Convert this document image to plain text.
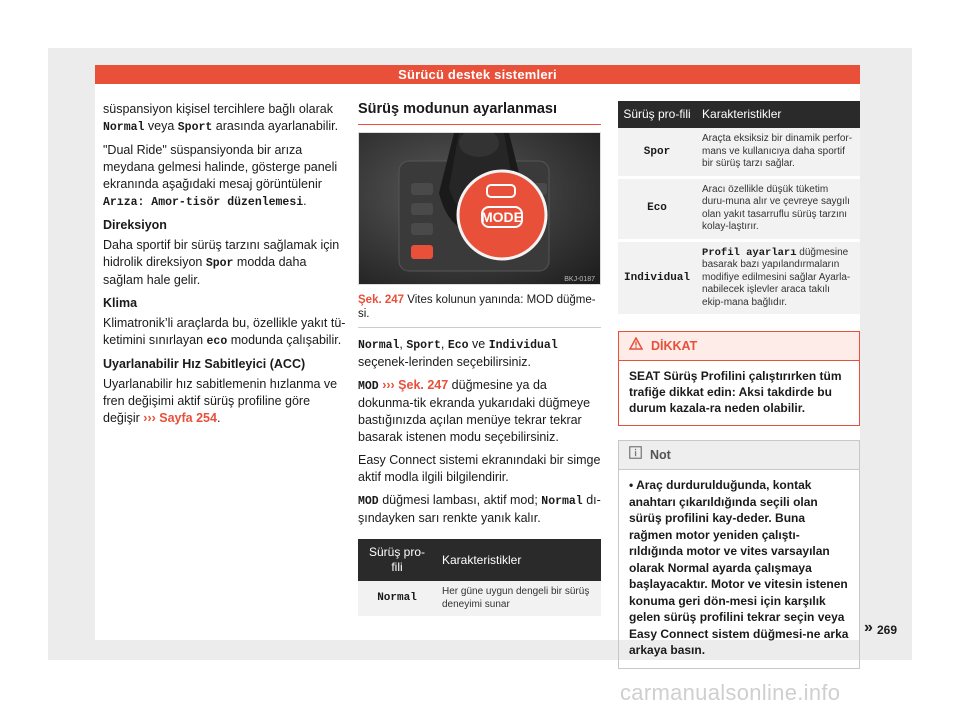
Sürücü destek sistemleri

süspansiyon kişisel tercihlere bağlı olarak Normal veya Sport arasında ayarlanabilir.

"Dual Ride" süspansiyonda bir arıza meydana gelmesi halinde, gösterge paneli ekranında aşağıdaki mesaj görüntülenir Arıza: Amor-tisör düzenlemesi.

Direksiyon

Daha sportif bir sürüş tarzını sağlamak için hidrolik direksiyon Spor modda daha sağlam hale gelir.

Klima

Klimatronik’li araçlarda bu, özellikle yakıt tü-ketimini sınırlayan eco modunda çalışabilir.

Uyarlanabilir Hız Sabitleyici (ACC)

Uyarlanabilir hız sabitlemenin hızlanma ve fren değişimi aktif sürüş profiline göre değişir ››› Sayfa 254.

Sürüş modunun ayarlanması
MODE
BKJ-0187
Şek. 247 Vites kolunun yanında: MOD düğme-si.

Normal, Sport, Eco ve Individual seçenek-lerinden seçebilirsiniz.

MOD ››› Şek. 247 düğmesine ya da dokunma-tik ekranda yukarıdaki düğmeye bastığınızda açılan menüye tekrar tekrar basarak istenen modu seçebilirsiniz.

Easy Connect sistemi ekranındaki bir simge aktif modla ilgili bilgilendirir.

MOD düğmesi lambası, aktif mod; Normal dı-şındayken sarı renkte yanık kalır.

Sürüş pro-fili	Karakteristikler
Normal	Her güne uygun dengeli bir sürüş deneyimi sunar
Sürüş pro-fili	Karakteristikler
Spor	Araçta eksiksiz bir dinamik perfor-mans ve kullanıcıya daha sportif bir sürüş tarzı sağlar.
Eco	Aracı özellikle düşük tüketim duru-muna alır ve çevreye saygılı olan yakıt tasarruflu sürüş tarzını kolay-laştırır.
Individual	Profil ayarları düğmesine basarak bazı yapılandırmaların modifiye edilmesini sağlar Ayarla-nabilecek işlevler araca takılı ekip-mana bağlıdır.
DİKKAT
SEAT Sürüş Profilini çalıştırırken tüm trafiğe dikkat edin: Aksi takdirde bu durum kazala-ra neden olabilir.
Not
• Araç durdurulduğunda, kontak anahtarı çıkarıldığında seçili olan sürüş profilini kay-deder. Buna rağmen motor yeniden çalıştı-rıldığında motor ve vites varsayılan olarak Normal ayarda çalışmaya başlayacaktır. Motor ve vitesin istenen konuma geri dön-mesi için karşılık gelen sürüş profilini tekrar seçin veya Easy Connect sistem düğmesi-ne arka arkaya basın.
» 269
carmanualsonline.info
